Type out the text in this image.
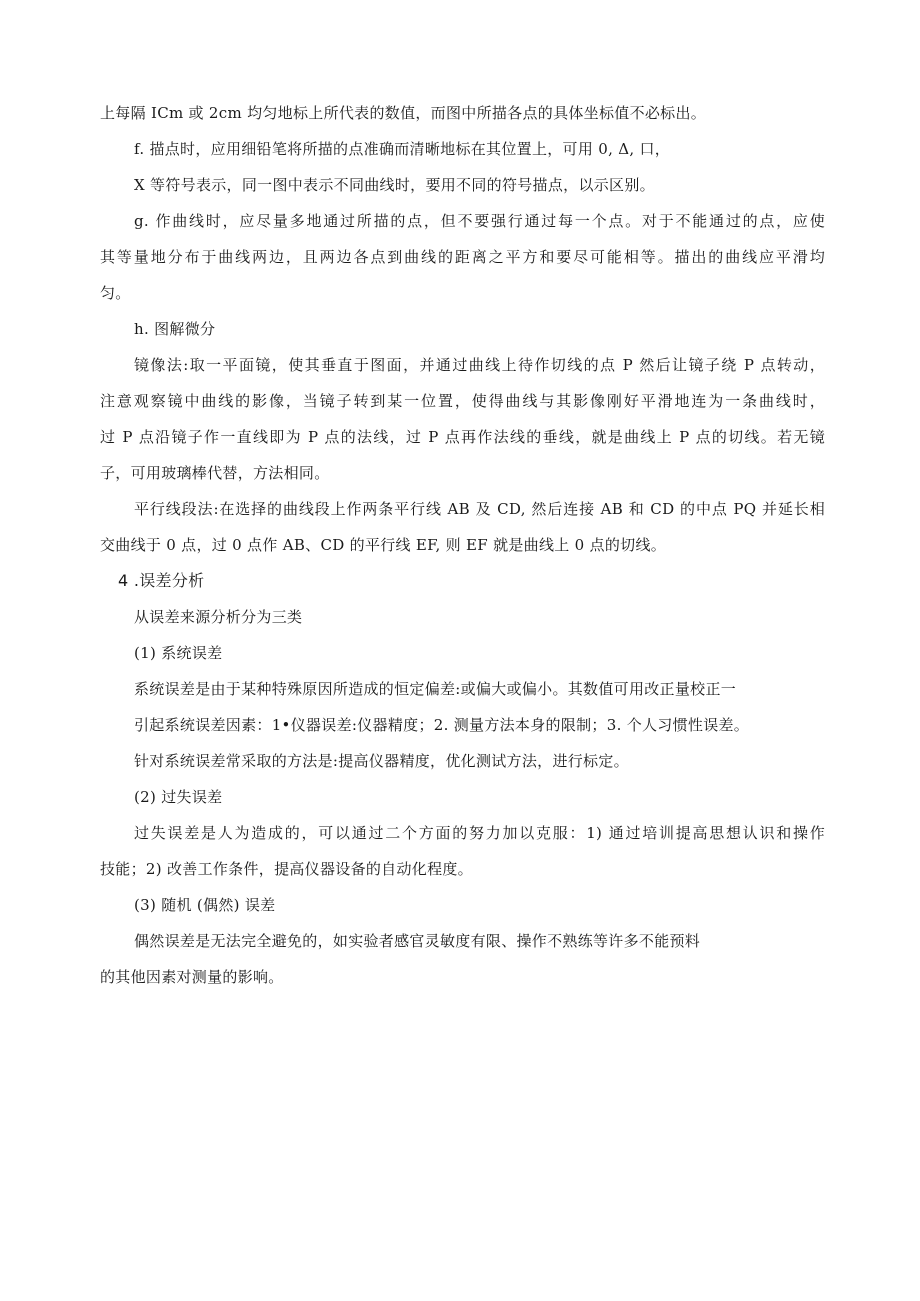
上每隔 ICm 或 2cm 均匀地标上所代表的数值，而图中所描各点的具体坐标值不必标出。
f. 描点时，应用细铅笔将所描的点准确而清晰地标在其位置上，可用 0, Δ, 口，
X 等符号表示，同一图中表示不同曲线时，要用不同的符号描点，以示区别。
g. 作曲线时，应尽量多地通过所描的点，但不要强行通过每一个点。对于不能通过的点，应使
其等量地分布于曲线两边，且两边各点到曲线的距离之平方和要尽可能相等。描出的曲线应平滑均
匀。
h. 图解微分
镜像法:取一平面镜，使其垂直于图面，并通过曲线上待作切线的点 P 然后让镜子绕 P 点转动，
注意观察镜中曲线的影像，当镜子转到某一位置，使得曲线与其影像刚好平滑地连为一条曲线时，
过 P 点沿镜子作一直线即为 P 点的法线，过 P 点再作法线的垂线，就是曲线上 P 点的切线。若无镜
子，可用玻璃棒代替，方法相同。
平行线段法:在选择的曲线段上作两条平行线 AB 及 CD, 然后连接 AB 和 CD 的中点 PQ 并延长相
交曲线于 0 点，过 0 点作 AB、CD 的平行线 EF, 则 EF 就是曲线上 0 点的切线。
4 .误差分析
从误差来源分析分为三类
(1) 系统误差
系统误差是由于某种特殊原因所造成的恒定偏差:或偏大或偏小。其数值可用改正量校正一
引起系统误差因素：1•仪器误差:仪器精度；2. 测量方法本身的限制；3. 个人习惯性误差。
针对系统误差常采取的方法是:提高仪器精度，优化测试方法，进行标定。
(2) 过失误差
过失误差是人为造成的，可以通过二个方面的努力加以克服：1) 通过培训提高思想认识和操作
技能；2) 改善工作条件，提高仪器设备的自动化程度。
(3) 随机 (偶然) 误差
偶然误差是无法完全避免的，如实验者感官灵敏度有限、操作不熟练等许多不能预料
的其他因素对测量的影响。
